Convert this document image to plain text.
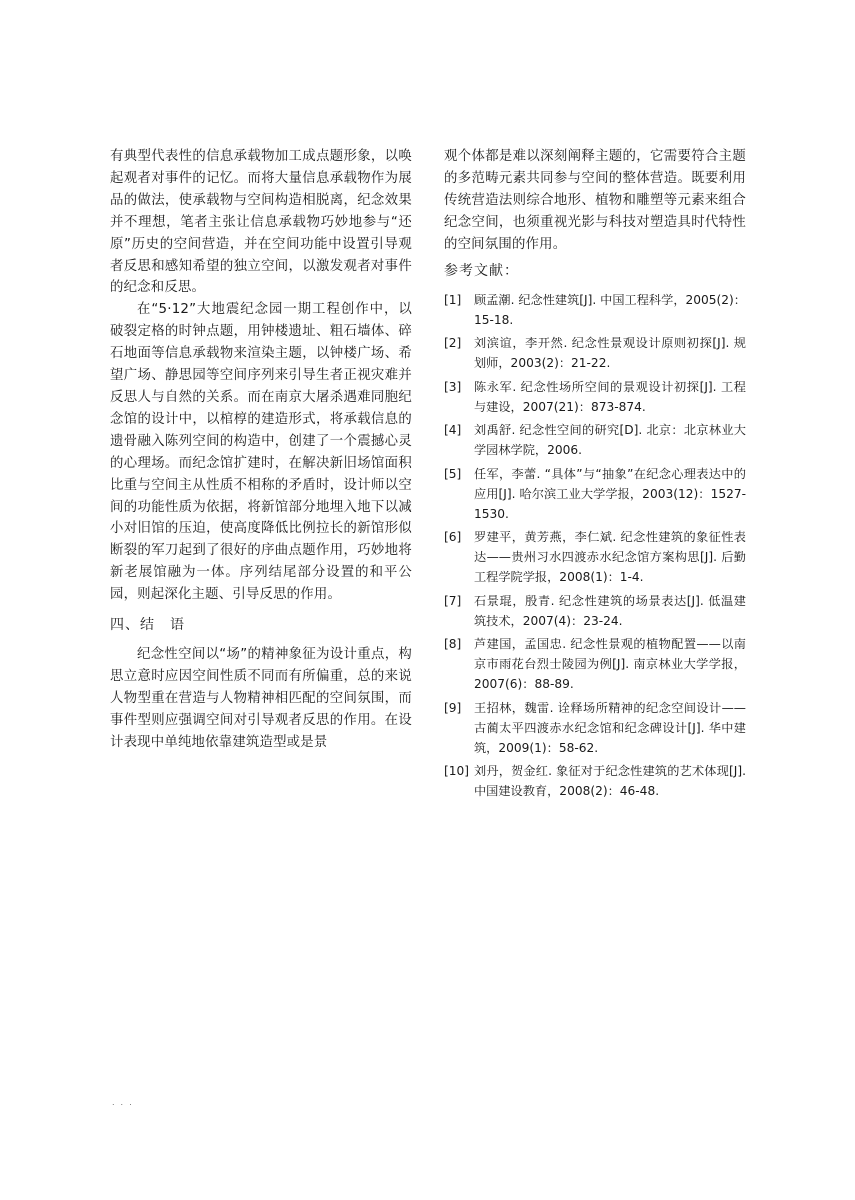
有典型代表性的信息承载物加工成点题形象，以唤起观者对事件的记忆。而将大量信息承载物作为展品的做法，使承载物与空间构造相脱离，纪念效果并不理想，笔者主张让信息承载物巧妙地参与“还原”历史的空间营造，并在空间功能中设置引导观者反思和感知希望的独立空间，以激发观者对事件的纪念和反思。

在“5·12”大地震纪念园一期工程创作中，以破裂定格的时钟点题，用钟楼遗址、粗石墙体、碎石地面等信息承载物来渲染主题，以钟楼广场、希望广场、静思园等空间序列来引导生者正视灾难并反思人与自然的关系。而在南京大屠杀遇难同胞纪念馆的设计中，以棺椁的建造形式，将承载信息的遗骨融入陈列空间的构造中，创建了一个震撼心灵的心理场。而纪念馆扩建时，在解决新旧场馆面积比重与空间主从性质不相称的矛盾时，设计师以空间的功能性质为依据，将新馆部分地埋入地下以减小对旧馆的压迫，使高度降低比例拉长的新馆形似断裂的军刀起到了很好的序曲点题作用，巧妙地将新老展馆融为一体。序列结尾部分设置的和平公园，则起深化主题、引导反思的作用。

四、结　语

纪念性空间以“场”的精神象征为设计重点，构思立意时应因空间性质不同而有所偏重，总的来说人物型重在营造与人物精神相匹配的空间氛围，而事件型则应强调空间对引导观者反思的作用。在设计表现中单纯地依靠建筑造型或是景

观个体都是难以深刻阐释主题的，它需要符合主题的多范畴元素共同参与空间的整体营造。既要利用传统营造法则综合地形、植物和雕塑等元素来组合纪念空间，也须重视光影与科技对塑造具时代特性的空间氛围的作用。

参考文献：
[1] 顾孟潮. 纪念性建筑[J]. 中国工程科学，2005(2)：15-18.
[2] 刘滨谊，李开然. 纪念性景观设计原则初探[J]. 规划师，2003(2)：21-22.
[3] 陈永军. 纪念性场所空间的景观设计初探[J]. 工程与建设，2007(21)：873-874.
[4] 刘禹舒. 纪念性空间的研究[D]. 北京：北京林业大学园林学院，2006.
[5] 任军，李蕾. “具体”与“抽象”在纪念心理表达中的应用[J]. 哈尔滨工业大学学报，2003(12)：1527-1530.
[6] 罗建平，黄芳燕，李仁斌. 纪念性建筑的象征性表达——贵州习水四渡赤水纪念馆方案构思[J]. 后勤工程学院学报，2008(1)：1-4.
[7] 石景琨，殷青. 纪念性建筑的场景表达[J]. 低温建筑技术，2007(4)：23-24.
[8] 芦建国，孟国忠. 纪念性景观的植物配置——以南京市雨花台烈士陵园为例[J]. 南京林业大学学报，2007(6)：88-89.
[9] 王招林，魏雷. 诠释场所精神的纪念空间设计——古蔺太平四渡赤水纪念馆和纪念碑设计[J]. 华中建筑，2009(1)：58-62.
[10] 刘丹，贺金红. 象征对于纪念性建筑的艺术体现[J]. 中国建设教育，2008(2)：46-48.
...
